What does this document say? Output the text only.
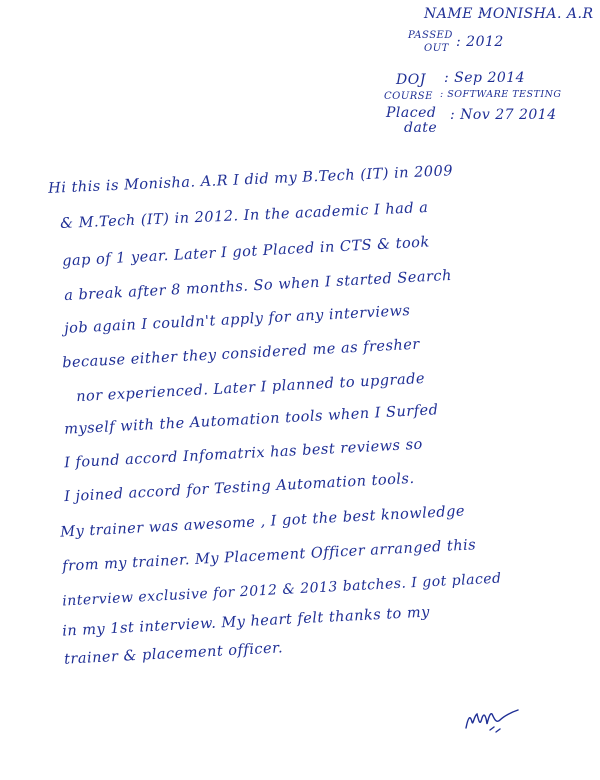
NAME :
MONISHA. A.R
PASSED
OUT : 2012
DOJ : Sep 2014
COURSE : SOFTWARE TESTING
Placed
date
: Nov 27 2014
Hi this is Monisha. A.R I did my B.Tech (IT) in 2009
& M.Tech (IT) in 2012. In the academic I had a
gap of 1 year. Later I got Placed in CTS & took
a break after 8 months. So when I started Search
job again I couldn't apply for any interviews
because either they considered me as fresher
nor experienced. Later I planned to upgrade
myself with the Automation tools when I Surfed
I found accord Infomatrix has best reviews so
I joined accord for Testing Automation tools.
My trainer was awesome , I got the best knowledge
from my trainer. My Placement Officer arranged this
interview exclusive for 2012 & 2013 batches. I got placed
in my 1st interview. My heart felt thanks to my
trainer & placement officer.
